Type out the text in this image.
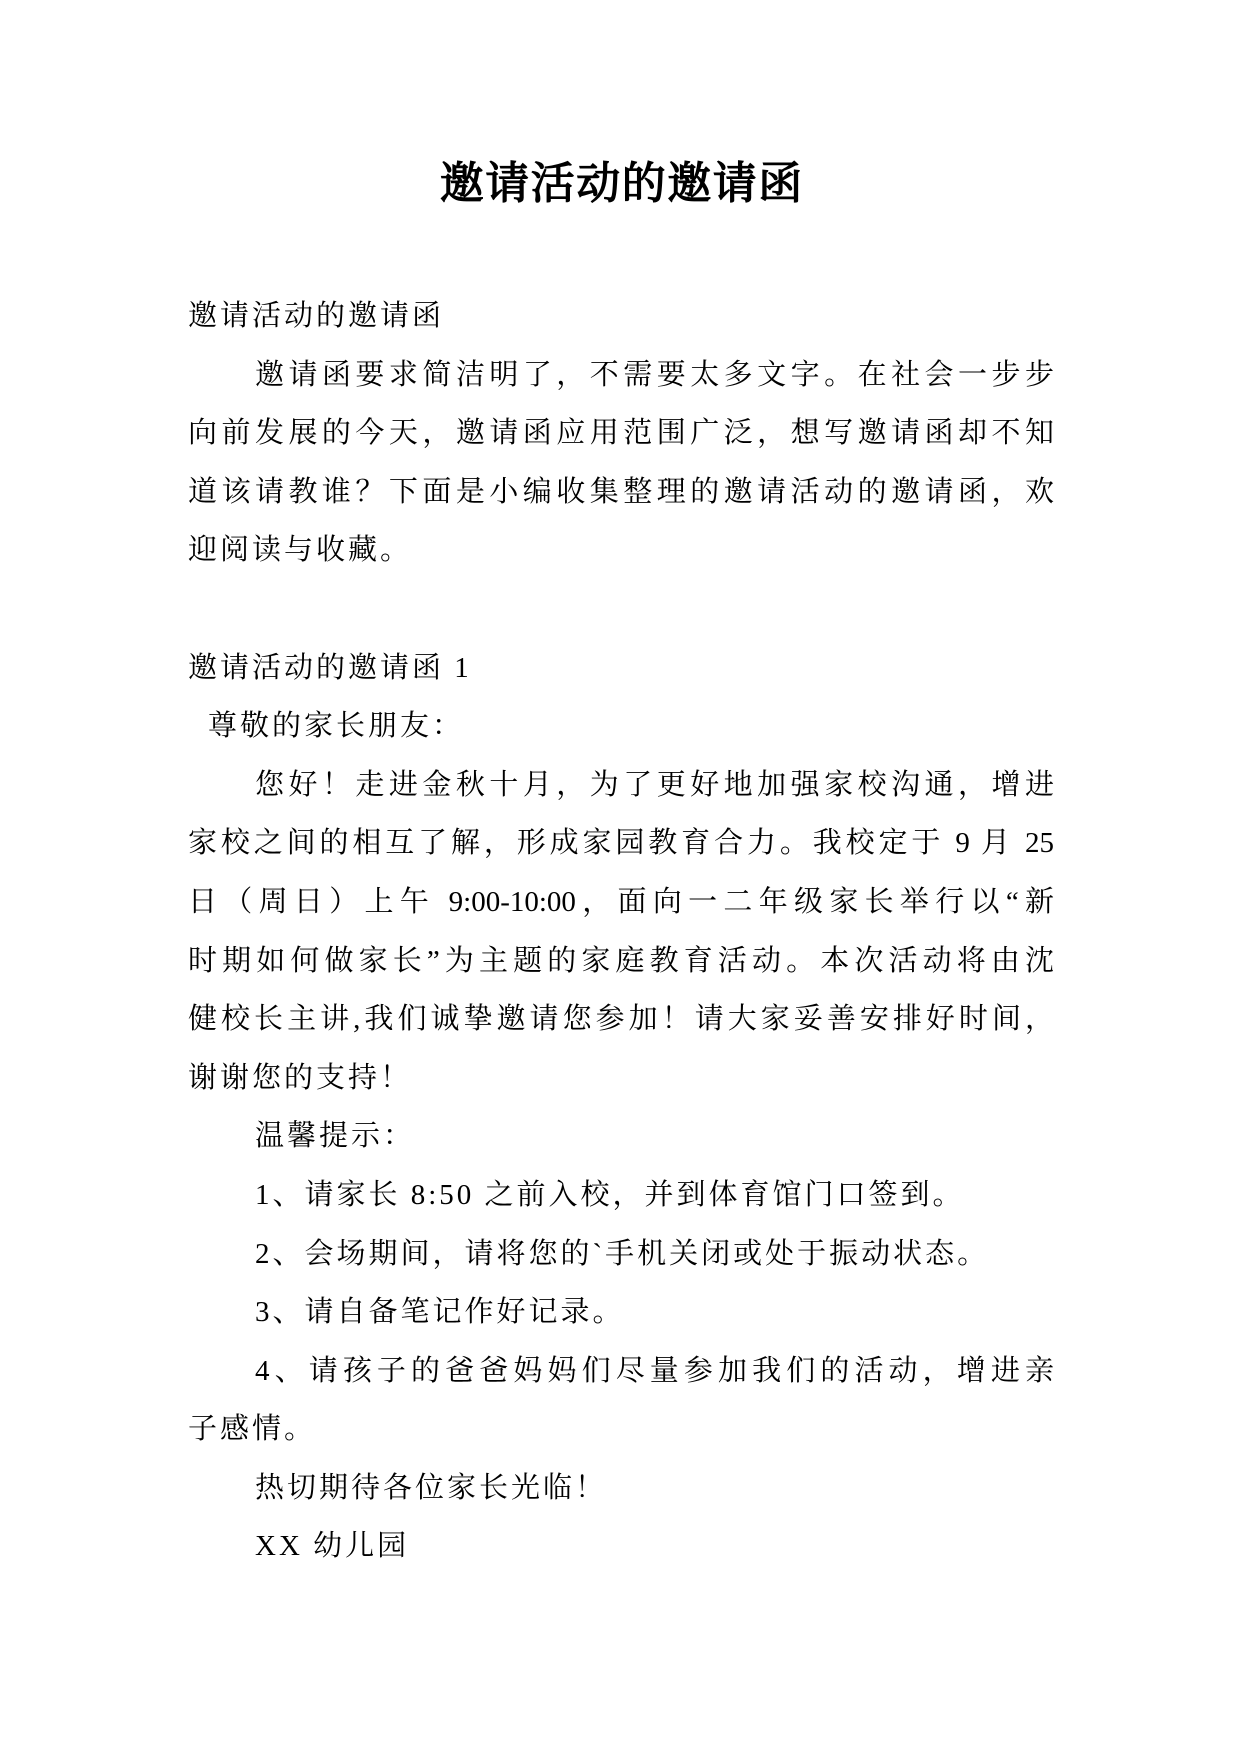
邀请活动的邀请函
邀请活动的邀请函
邀请函要求简洁明了，不需要太多文字。在社会一步步
向前发展的今天，邀请函应用范围广泛，想写邀请函却不知
道该请教谁？下面是小编收集整理的邀请活动的邀请函，欢
迎阅读与收藏。
邀请活动的邀请函 1
尊敬的家长朋友：
您好！走进金秋十月，为了更好地加强家校沟通，增进
家校之间的相互了解，形成家园教育合力。我校定于 9 月 25
日（周日）上午 9:00-10:00，面向一二年级家长举行以“新
时期如何做家长”为主题的家庭教育活动。本次活动将由沈
健校长主讲,我们诚挚邀请您参加！请大家妥善安排好时间，
谢谢您的支持！
温馨提示：
1、请家长 8:50 之前入校，并到体育馆门口签到。
2、会场期间，请将您的`手机关闭或处于振动状态。
3、请自备笔记作好记录。
4、请孩子的爸爸妈妈们尽量参加我们的活动，增进亲
子感情。
热切期待各位家长光临！
XX 幼儿园
